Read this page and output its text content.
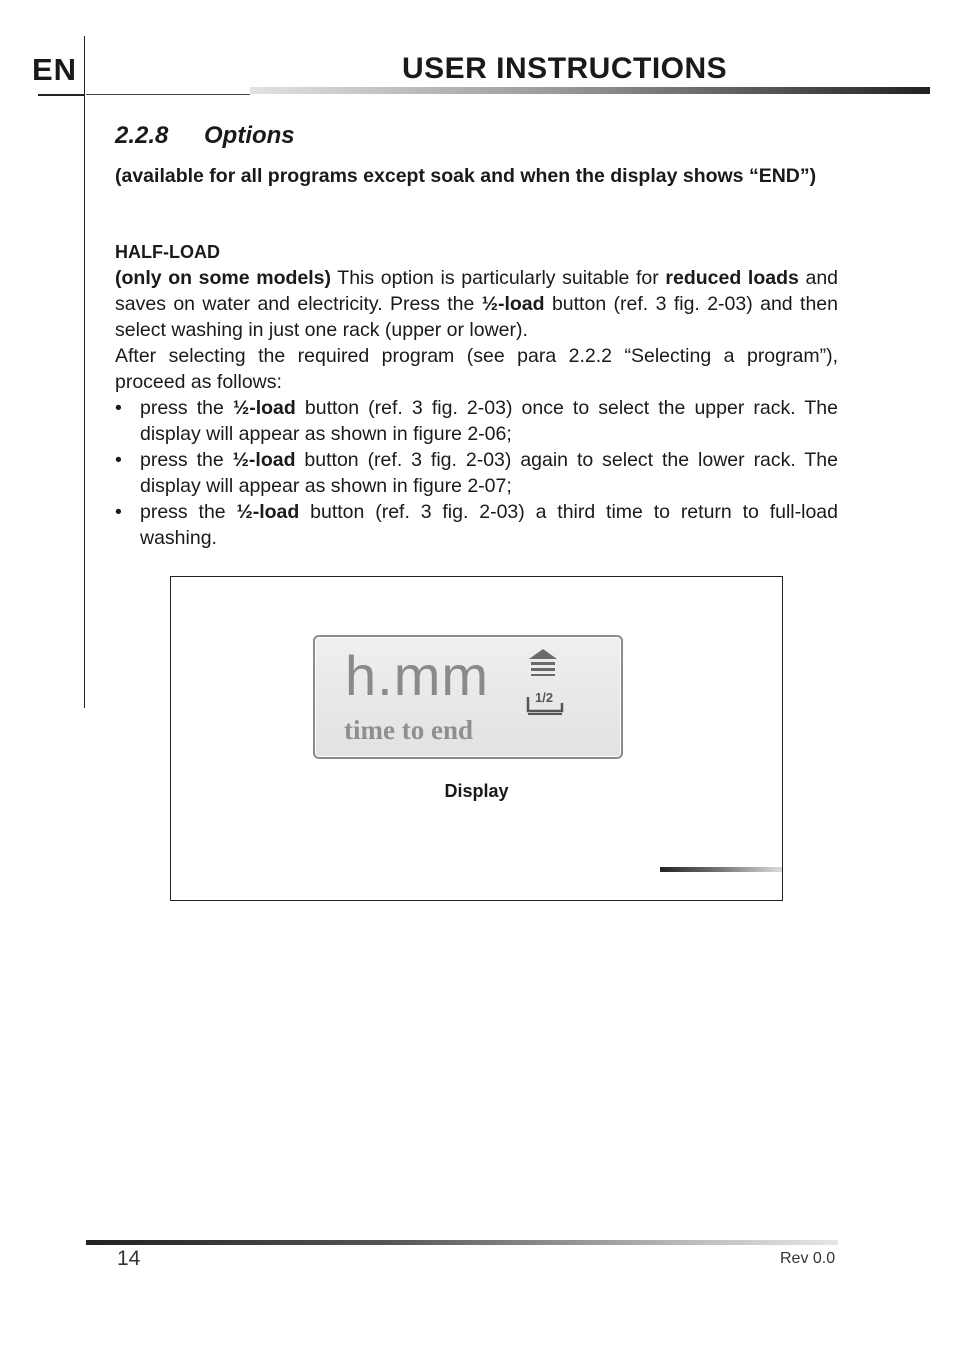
EN	USER INSTRUCTIONS
2.2.8 Options
(available for all programs except soak and when the display shows “END”)
HALF-LOAD
(only on some models) This option is particularly suitable for reduced loads and saves on water and electricity. Press the ½-load button (ref. 3 fig. 2-03) and then select washing in just one rack (upper or lower).
After selecting the required program (see para 2.2.2 “Selecting a program”), proceed as follows:
• press the ½-load button (ref. 3 fig. 2-03) once to select the upper rack. The display will appear as shown in figure 2-06;
• press the ½-load button (ref. 3 fig. 2-03) again to select the lower rack. The display will appear as shown in figure 2-07;
• press the ½-load button (ref. 3 fig. 2-03) a third time to return to full-load washing.
h.mm
time to end
1/2
Display
14	Rev 0.0
